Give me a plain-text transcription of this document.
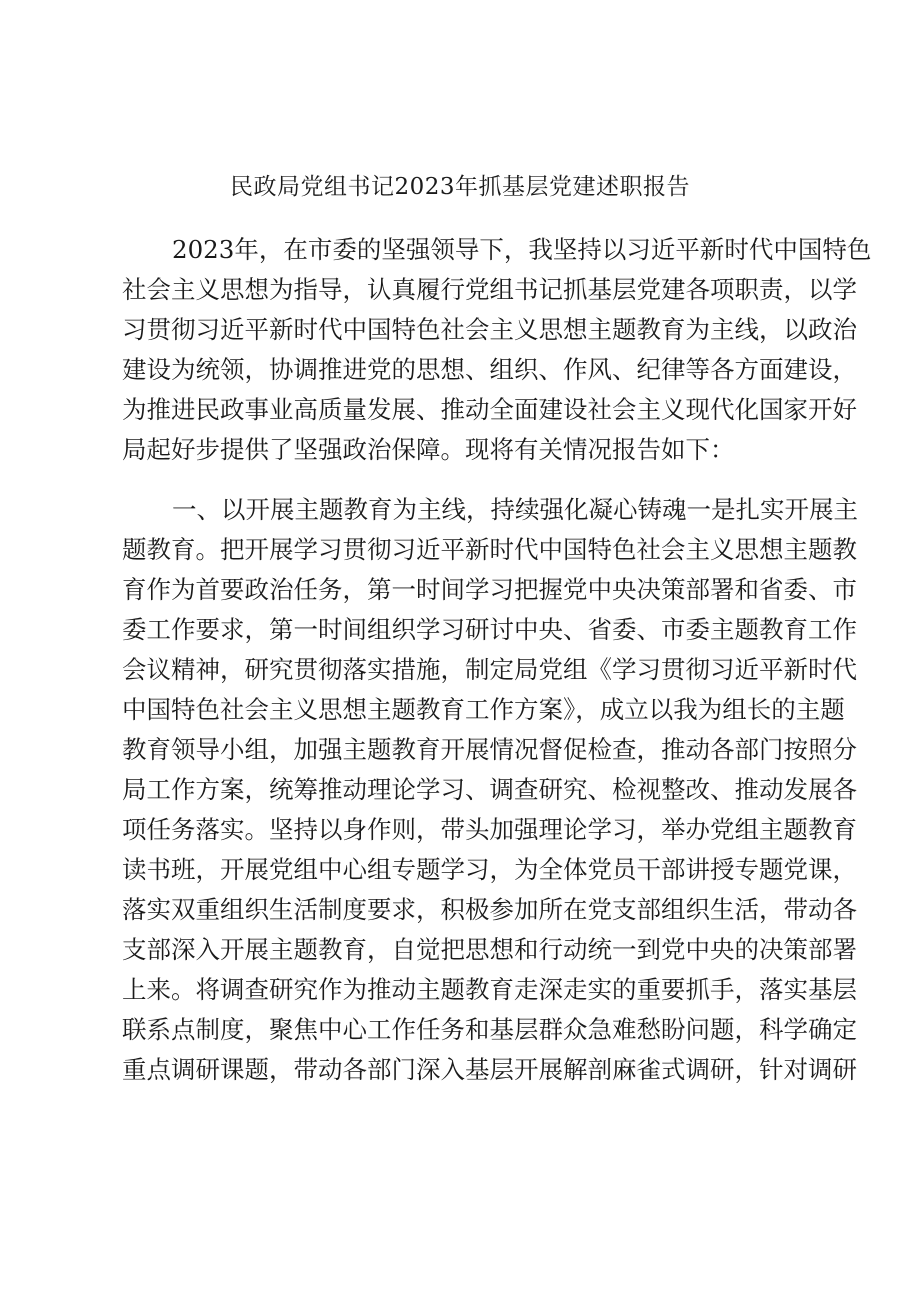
民政局党组书记2023年抓基层党建述职报告
2023年，在市委的坚强领导下，我坚持以习近平新时代中国特色
社会主义思想为指导，认真履行党组书记抓基层党建各项职责，以学
习贯彻习近平新时代中国特色社会主义思想主题教育为主线，以政治
建设为统领，协调推进党的思想、组织、作风、纪律等各方面建设，
为推进民政事业高质量发展、推动全面建设社会主义现代化国家开好
局起好步提供了坚强政治保障。现将有关情况报告如下：
一、以开展主题教育为主线，持续强化凝心铸魂一是扎实开展主
题教育。把开展学习贯彻习近平新时代中国特色社会主义思想主题教
育作为首要政治任务，第一时间学习把握党中央决策部署和省委、市
委工作要求，第一时间组织学习研讨中央、省委、市委主题教育工作
会议精神，研究贯彻落实措施，制定局党组《学习贯彻习近平新时代
中国特色社会主义思想主题教育工作方案》，成立以我为组长的主题
教育领导小组，加强主题教育开展情况督促检查，推动各部门按照分
局工作方案，统筹推动理论学习、调查研究、检视整改、推动发展各
项任务落实。坚持以身作则，带头加强理论学习，举办党组主题教育
读书班，开展党组中心组专题学习，为全体党员干部讲授专题党课，
落实双重组织生活制度要求，积极参加所在党支部组织生活，带动各
支部深入开展主题教育，自觉把思想和行动统一到党中央的决策部署
上来。将调查研究作为推动主题教育走深走实的重要抓手，落实基层
联系点制度，聚焦中心工作任务和基层群众急难愁盼问题，科学确定
重点调研课题，带动各部门深入基层开展解剖麻雀式调研，针对调研
